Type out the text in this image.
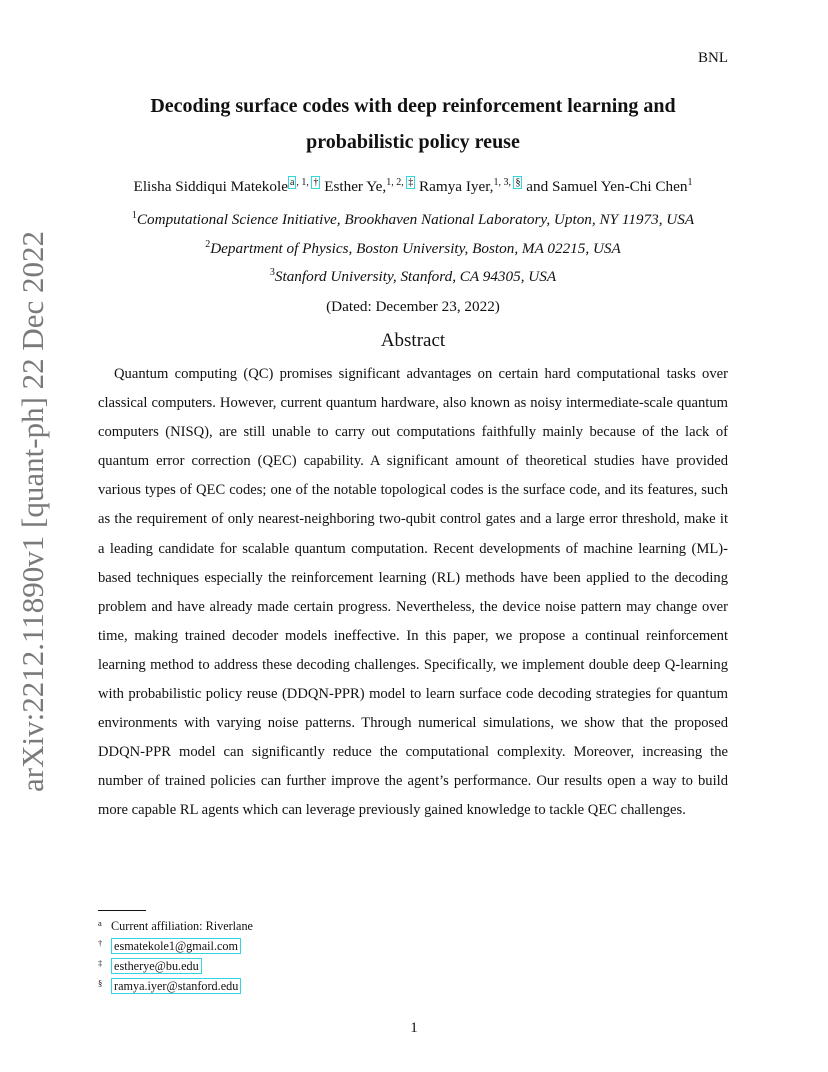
arXiv:2212.11890v1 [quant-ph] 22 Dec 2022
BNL
Decoding surface codes with deep reinforcement learning and probabilistic policy reuse
Elisha Siddiqui Matekole $^{a , 1, \dagger}$ Esther Ye,$^{1, 2, \ddagger}$ Ramya Iyer,$^{1, 3, \S}$ and Samuel Yen-Chi Chen$^1$
$^1$Computational Science Initiative, Brookhaven National Laboratory, Upton, NY 11973, USA
$^2$Department of Physics, Boston University, Boston, MA 02215, USA
$^3$Stanford University, Stanford, CA 94305, USA
(Dated: December 23, 2022)
Abstract

Quantum computing (QC) promises significant advantages on certain hard computational tasks over classical computers. However, current quantum hardware, also known as noisy intermediate-scale quantum computers (NISQ), are still unable to carry out computations faithfully mainly because of the lack of quantum error correction (QEC) capability. A significant amount of theoretical studies have provided various types of QEC codes; one of the notable topological codes is the surface code, and its features, such as the requirement of only nearest-neighboring two-qubit control gates and a large error threshold, make it a leading candidate for scalable quantum computation. Recent developments of machine learning (ML)-based techniques especially the reinforcement learning (RL) methods have been applied to the decoding problem and have already made certain progress. Nevertheless, the device noise pattern may change over time, making trained decoder models ineffective. In this paper, we propose a continual reinforcement learning method to address these decoding challenges. Specifically, we implement double deep Q-learning with probabilistic policy reuse (DDQN-PPR) model to learn surface code decoding strategies for quantum environments with varying noise patterns. Through numerical simulations, we show that the proposed DDQN-PPR model can significantly reduce the computational complexity. Moreover, increasing the number of trained policies can further improve the agent’s performance. Our results open a way to build more capable RL agents which can leverage previously gained knowledge to tackle QEC challenges.

a Current affiliation: Riverlane
† esmatekole1@gmail.com
‡ estherye@bu.edu
§ ramya.iyer@stanford.edu
1
